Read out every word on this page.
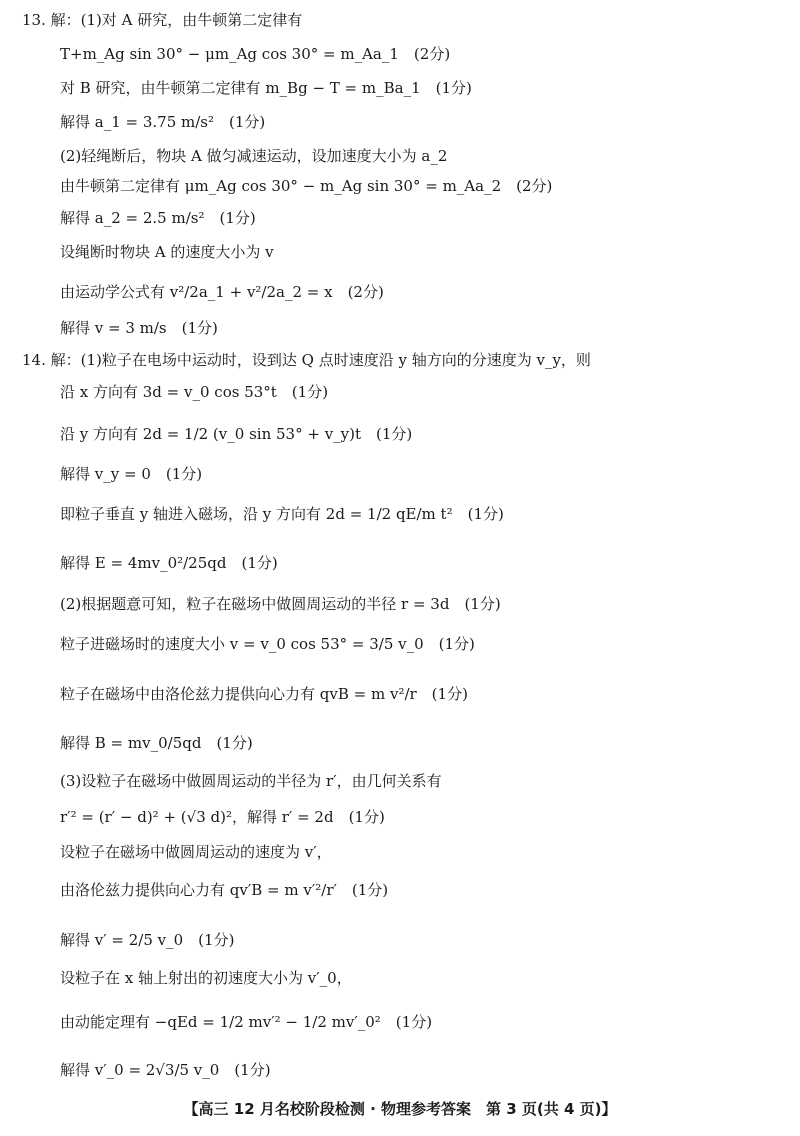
13. 解：(1)对 A 研究，由牛顿第二定律有
T+m_Ag sin 30° − μm_Ag cos 30° = m_Aa_1　(2分)
对 B 研究，由牛顿第二定律有 m_Bg − T = m_Ba_1　(1分)
解得 a_1 = 3.75 m/s²　(1分)
(2)轻绳断后，物块 A 做匀减速运动，设加速度大小为 a_2
由牛顿第二定律有 μm_Ag cos 30° − m_Ag sin 30° = m_Aa_2　(2分)
解得 a_2 = 2.5 m/s²　(1分)
设绳断时物块 A 的速度大小为 v
由运动学公式有 v²/2a_1 + v²/2a_2 = x　(2分)
解得 v = 3 m/s　(1分)
14. 解：(1)粒子在电场中运动时，设到达 Q 点时速度沿 y 轴方向的分速度为 v_y，则
沿 x 方向有 3d = v_0 cos 53°t　(1分)
沿 y 方向有 2d = 1/2 (v_0 sin 53° + v_y)t　(1分)
解得 v_y = 0　(1分)
即粒子垂直 y 轴进入磁场，沿 y 方向有 2d = 1/2 qE/m t²　(1分)
解得 E = 4mv_0²/25qd　(1分)
(2)根据题意可知，粒子在磁场中做圆周运动的半径 r = 3d　(1分)
粒子进磁场时的速度大小 v = v_0 cos 53° = 3/5 v_0　(1分)
粒子在磁场中由洛伦兹力提供向心力有 qvB = m v²/r　(1分)
解得 B = mv_0/5qd　(1分)
(3)设粒子在磁场中做圆周运动的半径为 r′，由几何关系有
r′² = (r′ − d)² + (√3 d)²，解得 r′ = 2d　(1分)
设粒子在磁场中做圆周运动的速度为 v′，
由洛伦兹力提供向心力有 qv′B = m v′²/r′　(1分)
解得 v′ = 2/5 v_0　(1分)
设粒子在 x 轴上射出的初速度大小为 v′_0，
由动能定理有 −qEd = 1/2 mv′² − 1/2 mv′_0²　(1分)
解得 v′_0 = 2√3/5 v_0　(1分)
【高三 12 月名校阶段检测 · 物理参考答案　第 3 页(共 4 页)】
